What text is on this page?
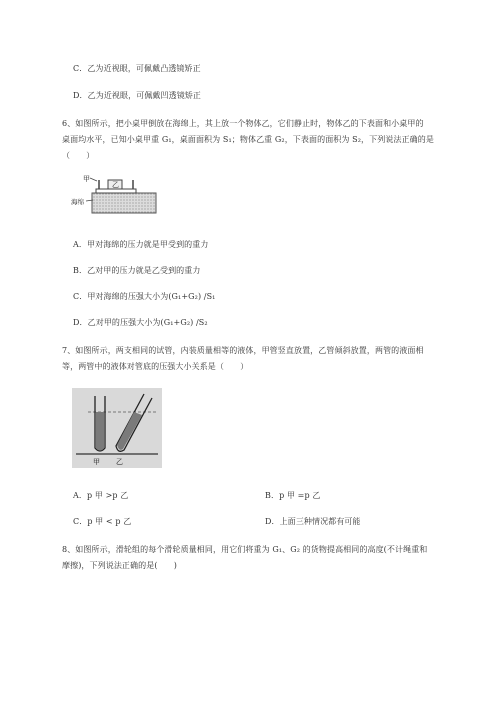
C．乙为近视眼，可佩戴凸透镜矫正
D．乙为近视眼，可佩戴凹透镜矫正
6、如图所示，把小桌甲倒放在海绵上，其上放一个物体乙，它们静止时，物体乙的下表面和小桌甲的
桌面均水平，已知小桌甲重 G₁，桌面面积为 S₁；物体乙重 G₂，下表面的面积为 S₂，下列说法正确的是
（　　）
甲
乙
海绵
A．甲对海绵的压力就是甲受到的重力
B．乙对甲的压力就是乙受到的重力
C．甲对海绵的压强大小为(G₁+G₂) /S₁
D．乙对甲的压强大小为(G₁+G₂) /S₂
7、如图所示，两支相同的试管，内装质量相等的液体，甲管竖直放置，乙管倾斜放置，两管的液面相
等，两管中的液体对管底的压强大小关系是（　　）
甲 乙
A．p 甲 >p 乙	B．p 甲 =p 乙
C．p 甲 < p 乙	D．上面三种情况都有可能
8、如图所示，滑轮组的每个滑轮质量相同，用它们将重为 G₁、G₂ 的货物提高相同的高度(不计绳重和
摩擦)，下列说法正确的是(　　)
